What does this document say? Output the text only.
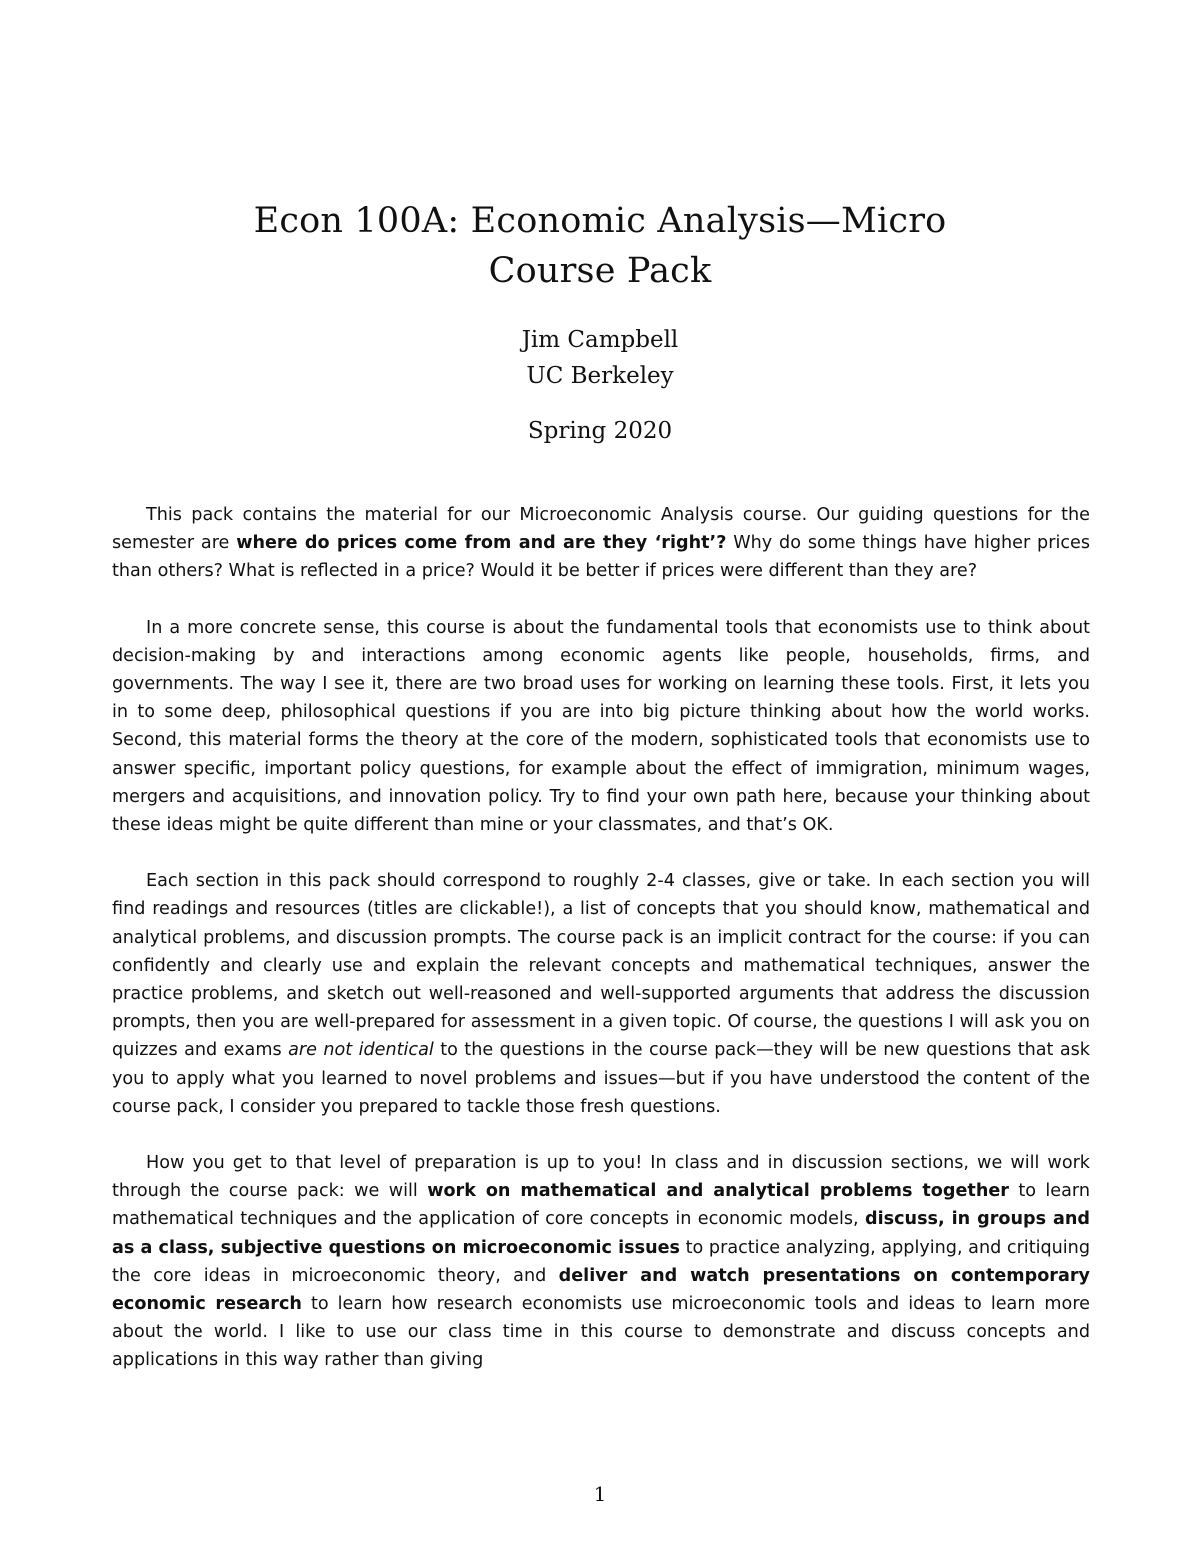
Econ 100A: Economic Analysis—Micro
Course Pack
Jim Campbell
UC Berkeley
Spring 2020

This pack contains the material for our Microeconomic Analysis course. Our guiding questions for the semester are where do prices come from and are they ‘right’? Why do some things have higher prices than others? What is reflected in a price? Would it be better if prices were different than they are?

In a more concrete sense, this course is about the fundamental tools that economists use to think about decision-making by and interactions among economic agents like people, households, firms, and governments. The way I see it, there are two broad uses for working on learning these tools. First, it lets you in to some deep, philosophical questions if you are into big picture thinking about how the world works. Second, this material forms the theory at the core of the modern, sophisticated tools that economists use to answer specific, important policy questions, for example about the effect of immigration, minimum wages, mergers and acquisitions, and innovation policy. Try to find your own path here, because your thinking about these ideas might be quite different than mine or your classmates, and that’s OK.

Each section in this pack should correspond to roughly 2-4 classes, give or take. In each section you will find readings and resources (titles are clickable!), a list of concepts that you should know, mathematical and analytical problems, and discussion prompts. The course pack is an implicit contract for the course: if you can confidently and clearly use and explain the relevant concepts and mathematical techniques, answer the practice problems, and sketch out well-reasoned and well-supported arguments that address the discussion prompts, then you are well-prepared for assessment in a given topic. Of course, the questions I will ask you on quizzes and exams are not identical to the questions in the course pack—they will be new questions that ask you to apply what you learned to novel problems and issues—but if you have understood the content of the course pack, I consider you prepared to tackle those fresh questions.

How you get to that level of preparation is up to you! In class and in discussion sections, we will work through the course pack: we will work on mathematical and analytical problems together to learn mathematical techniques and the application of core concepts in economic models, discuss, in groups and as a class, subjective questions on microeconomic issues to practice analyzing, applying, and critiquing the core ideas in microeconomic theory, and deliver and watch presentations on contemporary economic research to learn how research economists use microeconomic tools and ideas to learn more about the world. I like to use our class time in this course to demonstrate and discuss concepts and applications in this way rather than giving

1
